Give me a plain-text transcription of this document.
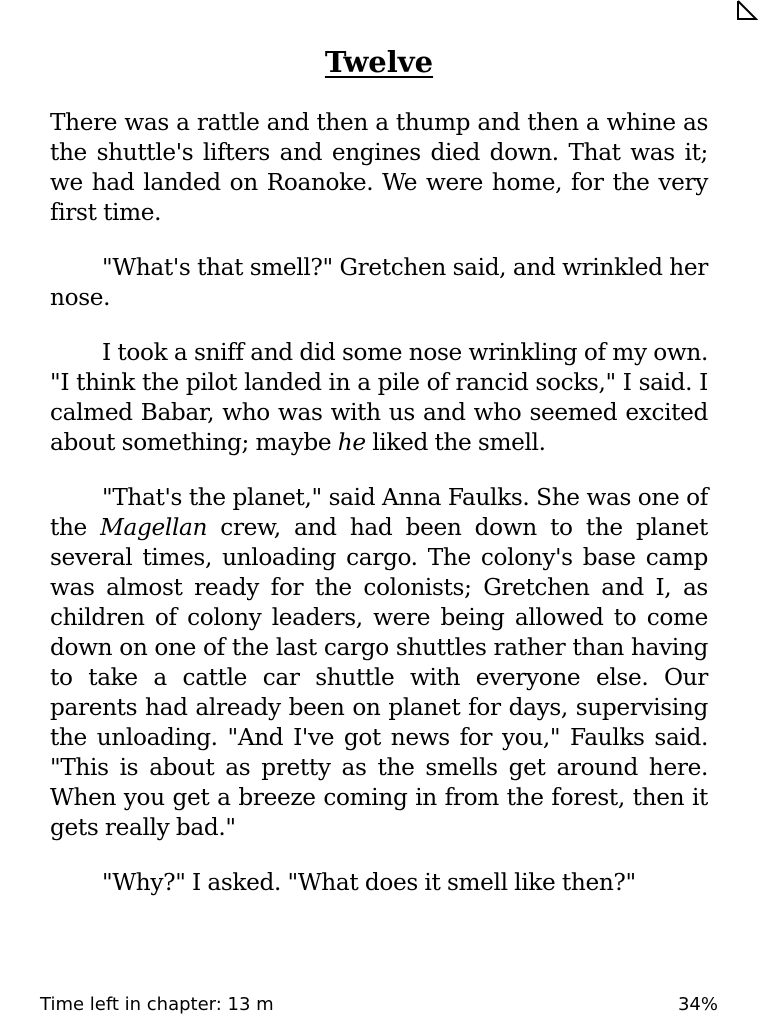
Twelve

There was a rattle and then a thump and then a whine as the shuttle's lifters and engines died down. That was it; we had landed on Roanoke. We were home, for the very first time.

"What's that smell?" Gretchen said, and wrinkled her nose.

I took a sniff and did some nose wrinkling of my own. "I think the pilot landed in a pile of rancid socks," I said. I calmed Babar, who was with us and who seemed excited about something; maybe he liked the smell.

"That's the planet," said Anna Faulks. She was one of the Magellan crew, and had been down to the planet several times, unloading cargo. The colony's base camp was almost ready for the colonists; Gretchen and I, as children of colony leaders, were being allowed to come down on one of the last cargo shuttles rather than having to take a cattle car shuttle with everyone else. Our parents had already been on planet for days, supervising the unloading. "And I've got news for you," Faulks said. "This is about as pretty as the smells get around here. When you get a breeze coming in from the forest, then it gets really bad."

"Why?" I asked. "What does it smell like then?"

Time left in chapter: 13 m	34%
